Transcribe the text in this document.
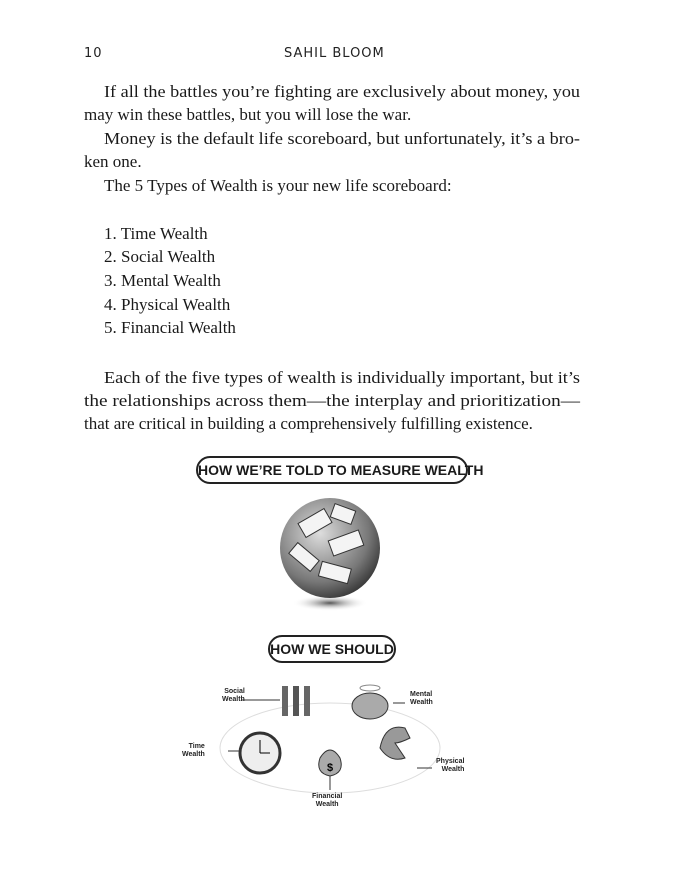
10	SAHIL BLOOM
If all the battles you’re fighting are exclusively about money, you
may win these battles, but you will lose the war.
Money is the default life scoreboard, but unfortunately, it’s a bro-
ken one.
The 5 Types of Wealth is your new life scoreboard:
1. Time Wealth
2. Social Wealth
3. Mental Wealth
4. Physical Wealth
5. Financial Wealth
Each of the five types of wealth is individually important, but it’s
the relationships across them—the interplay and prioritization—
that are critical in building a comprehensively fulfilling existence.
HOW WE’RE TOLD TO MEASURE WEALTH
HOW WE SHOULD
$
Social
Wealth
Mental
Wealth
Time
Wealth
Physical
Wealth
Financial
Wealth
